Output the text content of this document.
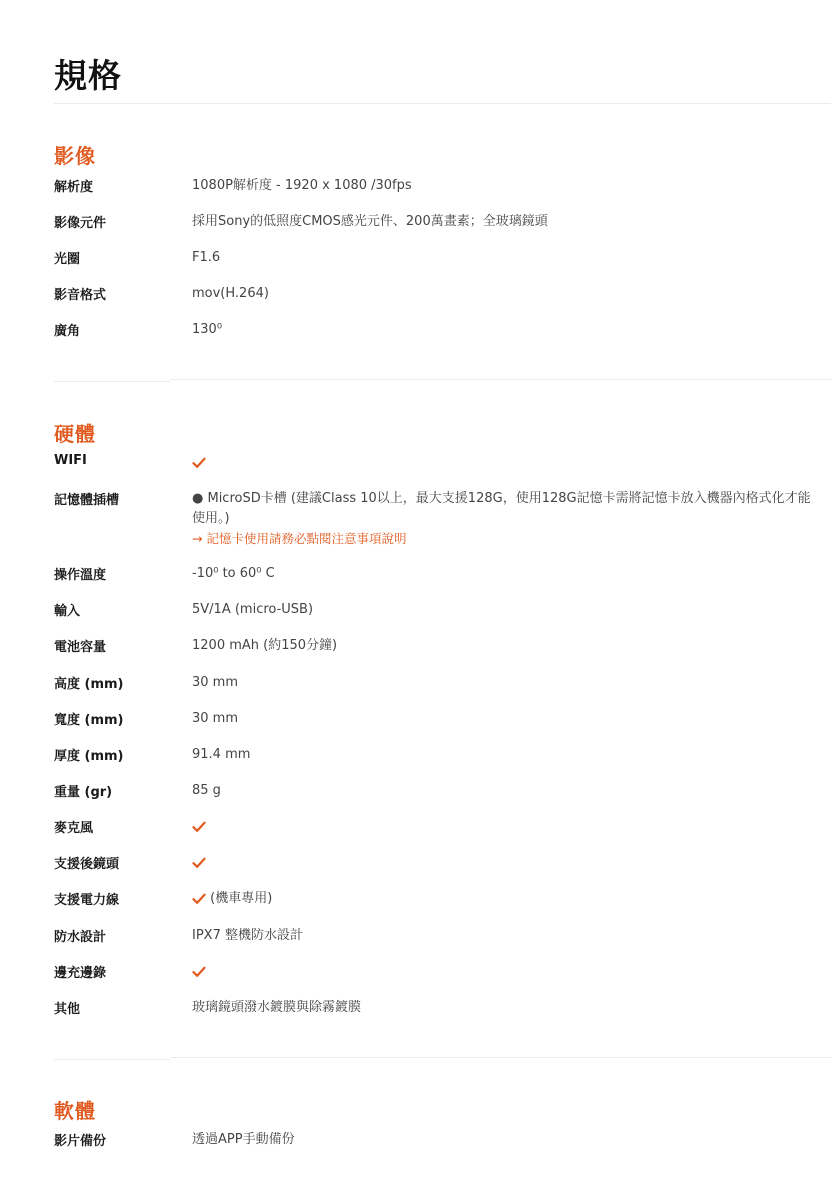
規格
影像
解析度	1080P解析度 - 1920 x 1080 /30fps
影像元件	採用Sony的低照度CMOS感光元件、200萬畫素；全玻璃鏡頭
光圈	F1.6
影音格式	mov(H.264)
廣角	130⁰
硬體
WIFI
記憶體插槽	● MicroSD卡槽 (建議Class 10以上，最大支援128G，使用128G記憶卡需將記憶卡放入機器內格式化才能使用。)
→ 記憶卡使用請務必點閱注意事項說明
操作溫度	-10⁰ to 60⁰ C
輸入	5V/1A (micro-USB)
電池容量	1200 mAh (約150分鐘)
高度 (mm)	30 mm
寬度 (mm)	30 mm
厚度 (mm)	91.4 mm
重量 (gr)	85 g
麥克風
支援後鏡頭
支援電力線	(機車專用)
防水設計	IPX7 整機防水設計
邊充邊錄
其他	玻璃鏡頭潑水鍍膜與除霧鍍膜
軟體
影片備份	透過APP手動備份
